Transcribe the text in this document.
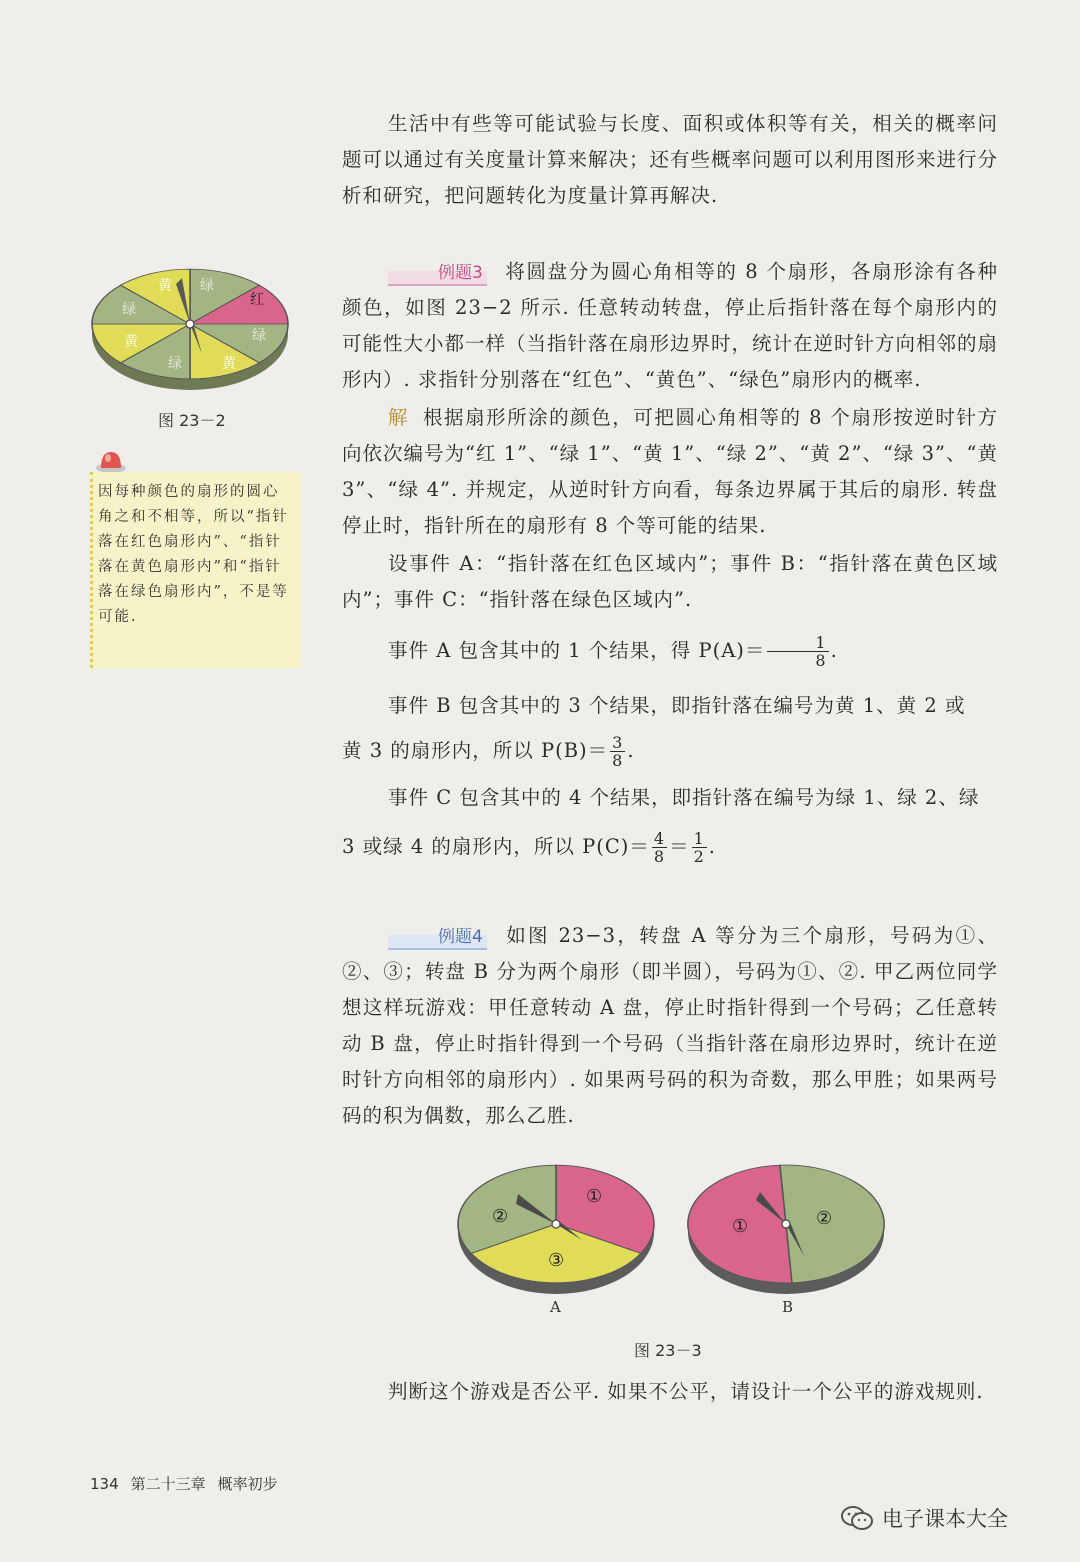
生活中有些等可能试验与长度、面积或体积等有关，相关的概率问题可以通过有关度量计算来解决；还有些概率问题可以利用图形来进行分析和研究，把问题转化为度量计算再解决.
例题3 将圆盘分为圆心角相等的 8 个扇形，各扇形涂有各种颜色，如图 23−2 所示. 任意转动转盘，停止后指针落在每个扇形内的可能性大小都一样（当指针落在扇形边界时，统计在逆时针方向相邻的扇形内）. 求指针分别落在“红色”、“黄色”、“绿色”扇形内的概率.
解 根据扇形所涂的颜色，可把圆心角相等的 8 个扇形按逆时针方向依次编号为“红 1”、“绿 1”、“黄 1”、“绿 2”、“黄 2”、“绿 3”、“黄 3”、“绿 4”. 并规定，从逆时针方向看，每条边界属于其后的扇形. 转盘停止时，指针所在的扇形有 8 个等可能的结果.
设事件 A：“指针落在红色区域内”；事件 B：“指针落在黄色区域内”；事件 C：“指针落在绿色区域内”.
事件 A 包含其中的 1 个结果，得 $P(A)= \frac{1}{8}$ .
事件 B 包含其中的 3 个结果，即指针落在编号为黄 1、黄 2 或
黄 3 的扇形内，所以 $P(B)= \frac{3}{8}$ .
事件 C 包含其中的 4 个结果，即指针落在编号为绿 1、绿 2、绿
3 或绿 4 的扇形内，所以 $P(C)= \frac{4}{8} = \frac{1}{2}$ .
例题4 如图 23−3，转盘 A 等分为三个扇形，号码为①、②、③；转盘 B 分为两个扇形（即半圆），号码为①、②. 甲乙两位同学想这样玩游戏：甲任意转动 A 盘，停止时指针得到一个号码；乙任意转动 B 盘，停止时指针得到一个号码（当指针落在扇形边界时，统计在逆时针方向相邻的扇形内）. 如果两号码的积为奇数，那么甲胜；如果两号码的积为偶数，那么乙胜.
判断这个游戏是否公平. 如果不公平，请设计一个公平的游戏规则.
红
绿
黄
绿
黄
绿
黄 绿
图 23－2
因每种颜色的扇形的圆心角之和不相等，所以“指针落在红色扇形内”、“指针落在黄色扇形内”和“指针落在绿色扇形内”，不是等可能.
①
②
③
①	②
A	B
图 23－3
134 第二十三章 概率初步
电子课本大全
